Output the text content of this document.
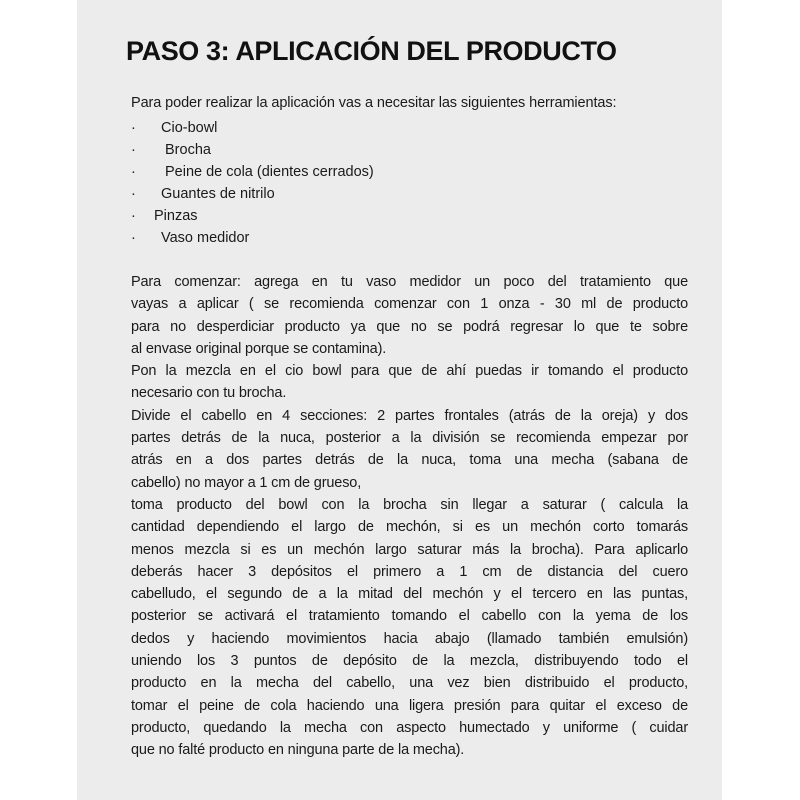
PASO 3: APLICACIÓN DEL PRODUCTO
Para poder realizar la aplicación vas a necesitar las siguientes herramientas:
· Cio-bowl
· Brocha
· Peine de cola (dientes cerrados)
· Guantes de nitrilo
· Pinzas
· Vaso medidor
Para comenzar: agrega en tu vaso medidor un poco del tratamiento que
vayas a aplicar ( se recomienda comenzar con 1 onza - 30 ml de producto
para no desperdiciar producto ya que no se podrá regresar lo que te sobre
al envase original porque se contamina).
Pon la mezcla en el cio bowl para que de ahí puedas ir tomando el producto
necesario con tu brocha.
Divide el cabello en 4 secciones: 2 partes frontales (atrás de la oreja) y dos
partes detrás de la nuca, posterior a la división se recomienda empezar por
atrás en a dos partes detrás de la nuca, toma una mecha (sabana de
cabello) no mayor a 1 cm de grueso,
toma producto del bowl con la brocha sin llegar a saturar ( calcula la
cantidad dependiendo el largo de mechón, si es un mechón corto tomarás
menos mezcla si es un mechón largo saturar más la brocha). Para aplicarlo
deberás hacer 3 depósitos el primero a 1 cm de distancia del cuero
cabelludo, el segundo de a la mitad del mechón y el tercero en las puntas,
posterior se activará el tratamiento tomando el cabello con la yema de los
dedos y haciendo movimientos hacia abajo (llamado también emulsión)
uniendo los 3 puntos de depósito de la mezcla, distribuyendo todo el
producto en la mecha del cabello, una vez bien distribuido el producto,
tomar el peine de cola haciendo una ligera presión para quitar el exceso de
producto, quedando la mecha con aspecto humectado y uniforme ( cuidar
que no falté producto en ninguna parte de la mecha).
